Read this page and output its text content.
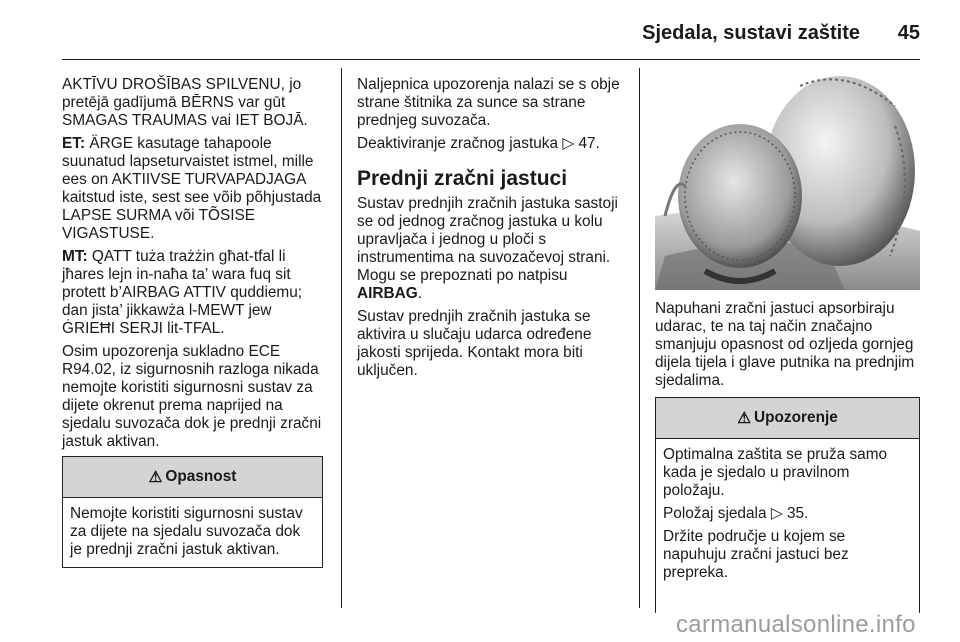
Sjedala, sustavi zaštite	45

AKTĪVU DROŠĪBAS SPILVENU, jo pretējā gadījumā BĒRNS var gūt SMAGAS TRAUMAS vai IET BOJĀ.

ET: ÄRGE kasutage tahapoole suunatud lapseturvaistet istmel, mille ees on AKTIIVSE TURVAPADJAGA kaitstud iste, sest see võib põhjustada LAPSE SURMA või TÕSISE VIGASTUSE.

MT: QATT tuża trażżin għat-tfal li jħares lejn in-naħa ta’ wara fuq sit protett b’AIRBAG ATTIV quddiemu; dan jista’ jikkawża l-MEWT jew ĠRIEĦI SERJI lit-TFAL.

Osim upozorenja sukladno ECE R94.02, iz sigurnosnih razloga nikada nemojte koristiti sigurnosni sustav za dijete okrenut prema naprijed na sjedalu suvozača dok je prednji zračni jastuk aktivan.

⚠ Opasnost
Nemojte koristiti sigurnosni sustav za dijete na sjedalu suvozača dok je prednji zračni jastuk aktivan.

Naljepnica upozorenja nalazi se s obje strane štitnika za sunce sa strane prednjeg suvozača.

Deaktiviranje zračnog jastuka ▷ 47.

Prednji zračni jastuci

Sustav prednjih zračnih jastuka sastoji se od jednog zračnog jastuka u kolu upravljača i jednog u ploči s instrumentima na suvozačevoj strani. Mogu se prepoznati po natpisu
AIRBAG.

Sustav prednjih zračnih jastuka se aktivira u slučaju udarca određene jakosti sprijeda. Kontakt mora biti uključen.

Napuhani zračni jastuci apsorbiraju udarac, te na taj način značajno smanjuju opasnost od ozljeda gornjeg dijela tijela i glave putnika na prednjim sjedalima.

⚠ Upozorenje

Optimalna zaštita se pruža samo kada je sjedalo u pravilnom položaju.

Položaj sjedala ▷ 35.

Držite područje u kojem se napuhuju zračni jastuci bez prepreka.

carmanualsonline.info
